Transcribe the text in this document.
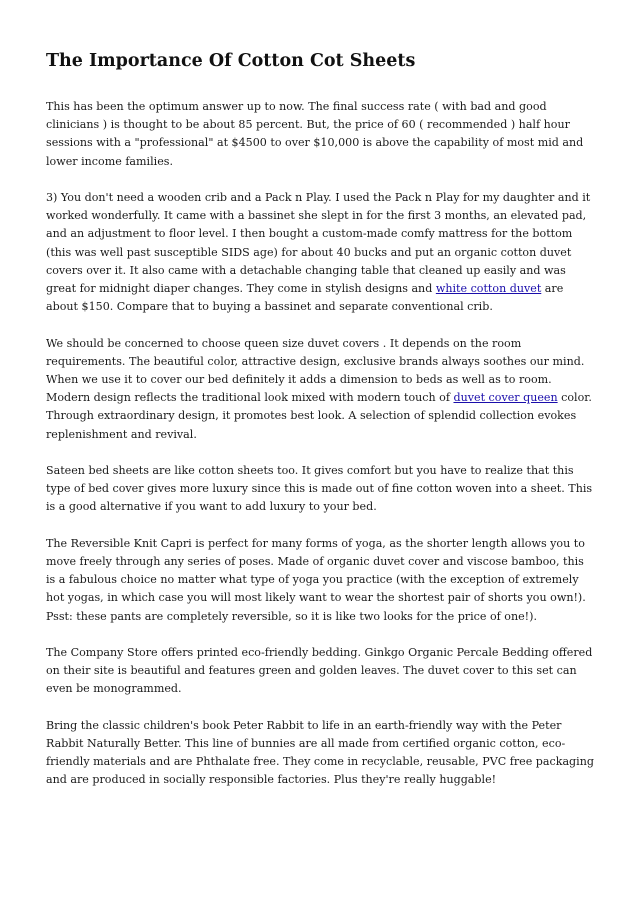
The Importance Of Cotton Cot Sheets

This has been the optimum answer up to now. The final success rate ( with bad and good clinicians ) is thought to be about 85 percent. But, the price of 60 ( recommended ) half hour sessions with a "professional" at $4500 to over $10,000 is above the capability of most mid and lower income families.

3) You don't need a wooden crib and a Pack n Play. I used the Pack n Play for my daughter and it worked wonderfully. It came with a bassinet she slept in for the first 3 months, an elevated pad, and an adjustment to floor level. I then bought a custom-made comfy mattress for the bottom (this was well past susceptible SIDS age) for about 40 bucks and put an organic cotton duvet covers over it. It also came with a detachable changing table that cleaned up easily and was great for midnight diaper changes. They come in stylish designs and white cotton duvet are about $150. Compare that to buying a bassinet and separate conventional crib.

We should be concerned to choose queen size duvet covers . It depends on the room requirements. The beautiful color, attractive design, exclusive brands always soothes our mind. When we use it to cover our bed definitely it adds a dimension to beds as well as to room. Modern design reflects the traditional look mixed with modern touch of duvet cover queen color. Through extraordinary design, it promotes best look. A selection of splendid collection evokes replenishment and revival.

Sateen bed sheets are like cotton sheets too. It gives comfort but you have to realize that this type of bed cover gives more luxury since this is made out of fine cotton woven into a sheet. This is a good alternative if you want to add luxury to your bed.

The Reversible Knit Capri is perfect for many forms of yoga, as the shorter length allows you to move freely through any series of poses. Made of organic duvet cover and viscose bamboo, this is a fabulous choice no matter what type of yoga you practice (with the exception of extremely hot yogas, in which case you will most likely want to wear the shortest pair of shorts you own!). Psst: these pants are completely reversible, so it is like two looks for the price of one!).

The Company Store offers printed eco-friendly bedding. Ginkgo Organic Percale Bedding offered on their site is beautiful and features green and golden leaves. The duvet cover to this set can even be monogrammed.

Bring the classic children's book Peter Rabbit to life in an earth-friendly way with the Peter Rabbit Naturally Better. This line of bunnies are all made from certified organic cotton, eco-friendly materials and are Phthalate free. They come in recyclable, reusable, PVC free packaging and are produced in socially responsible factories. Plus they're really huggable!
